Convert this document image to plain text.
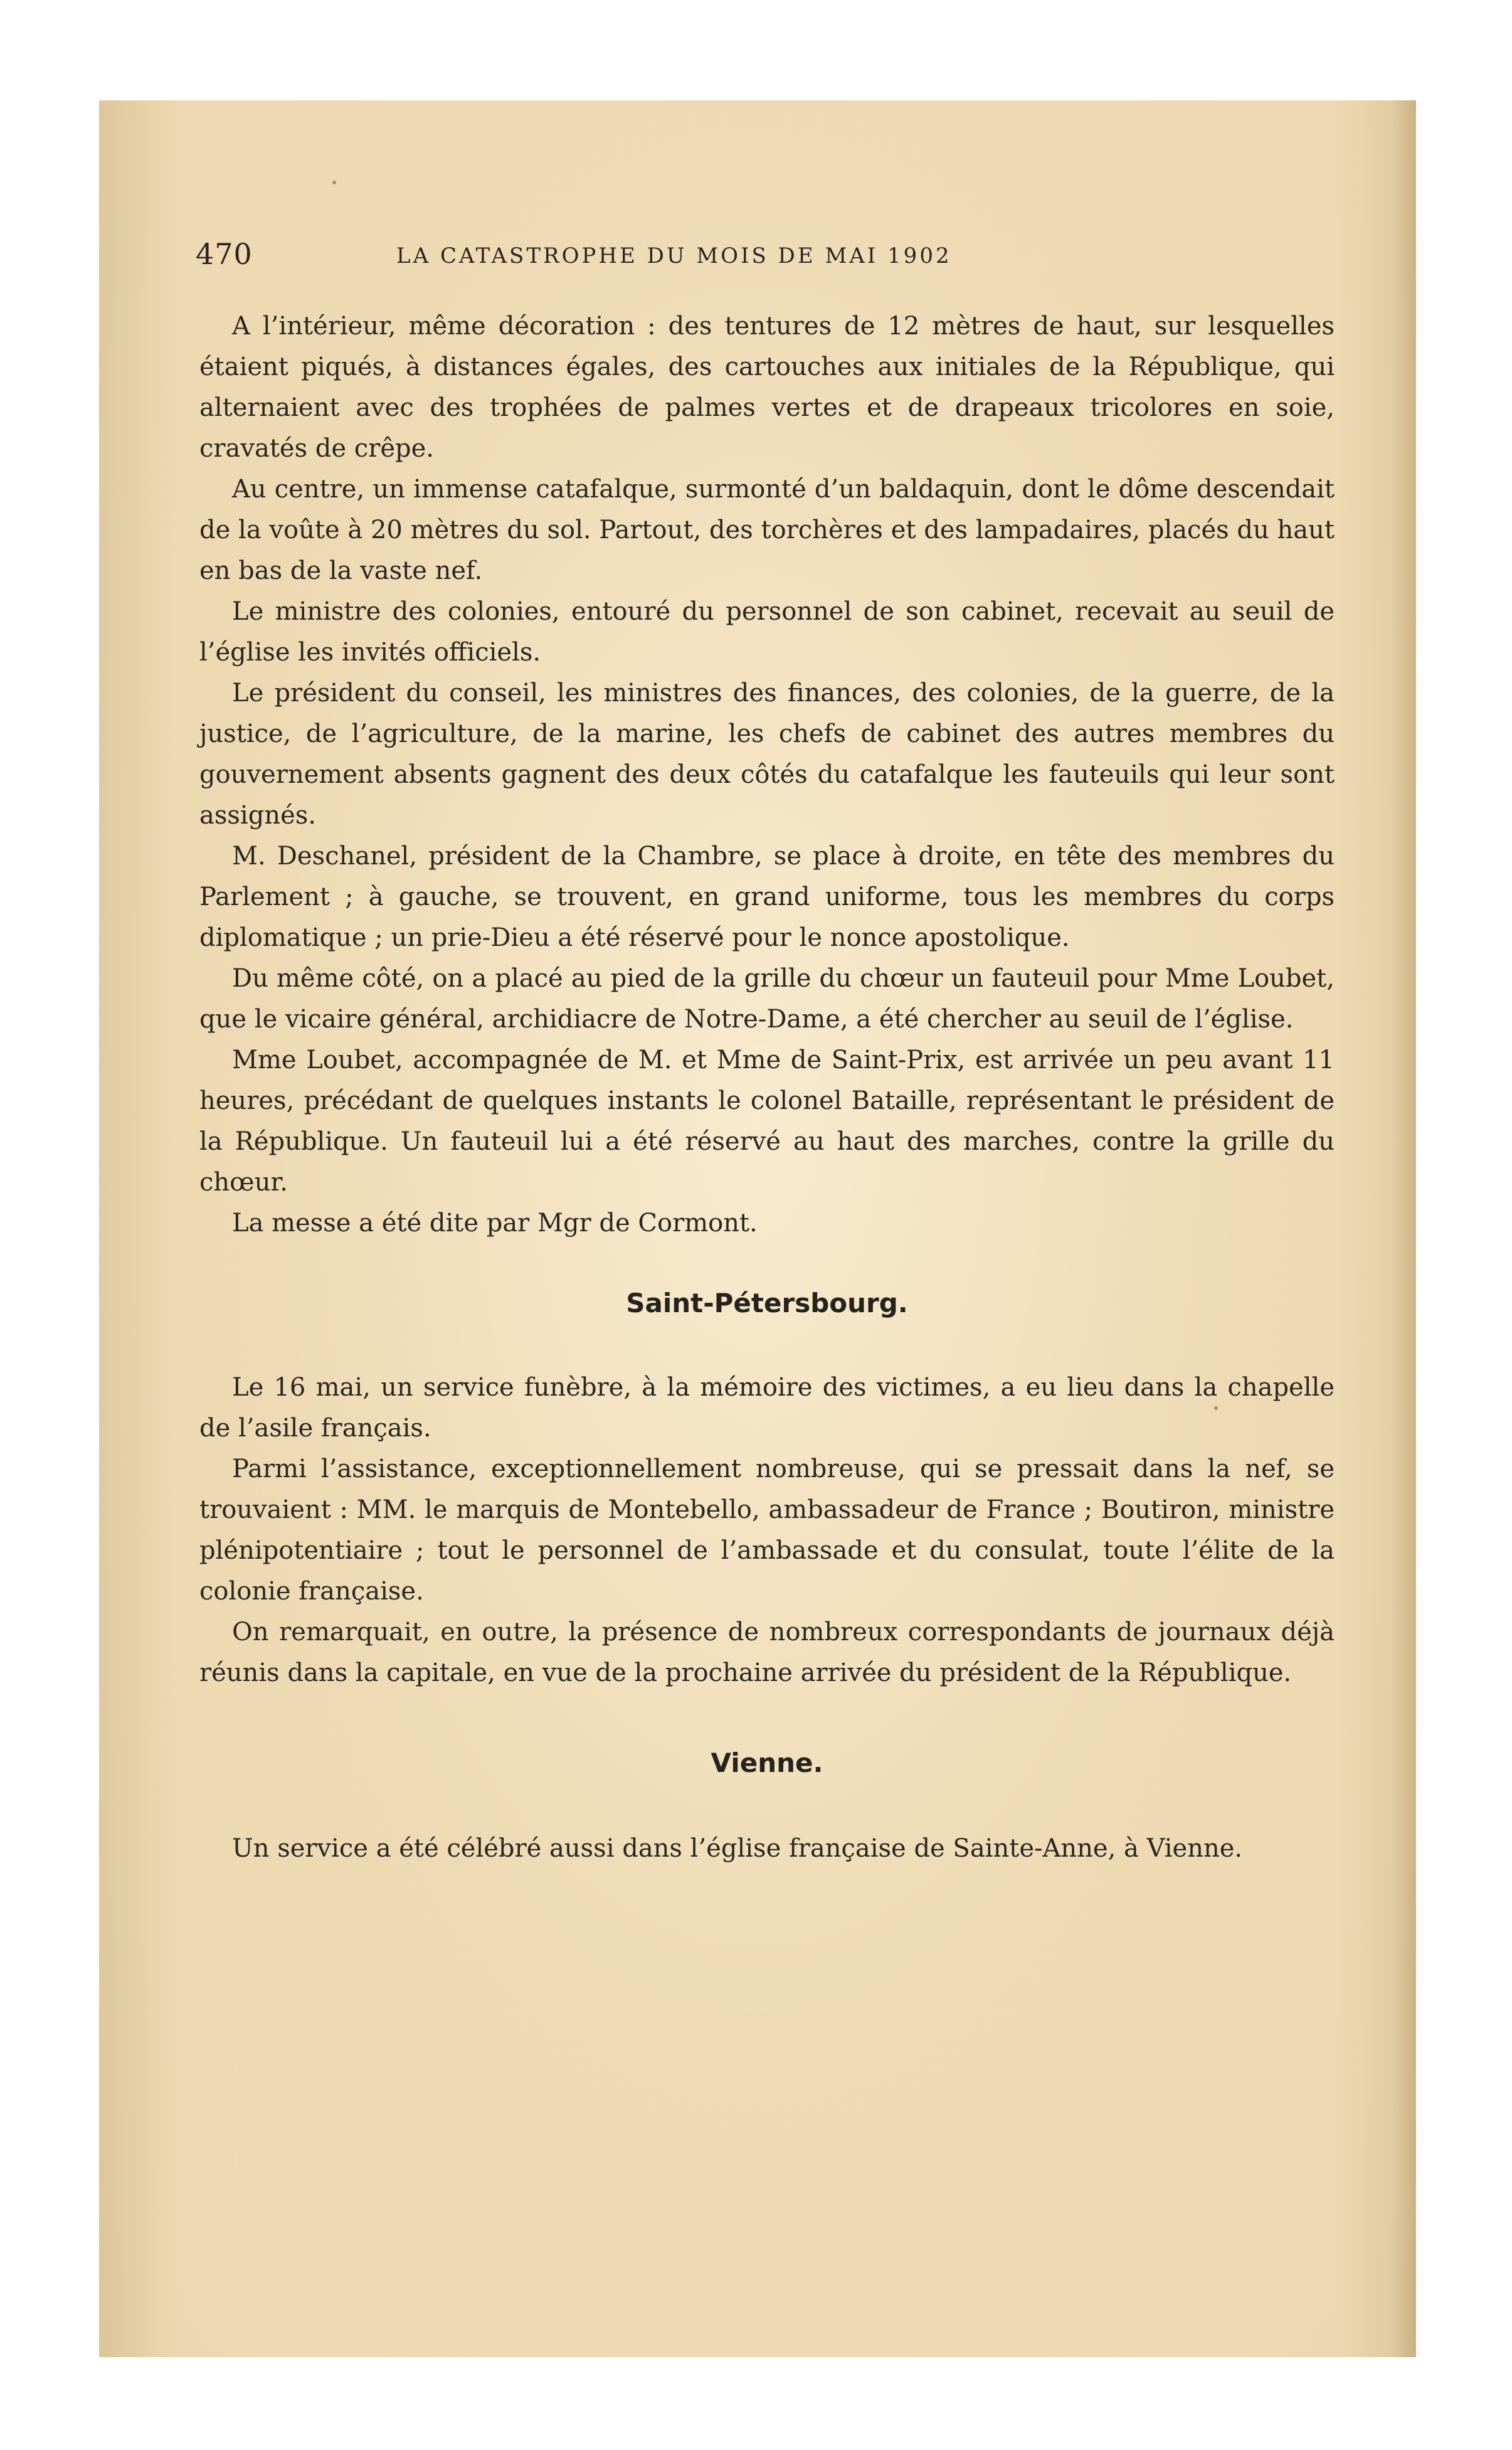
470	LA CATASTROPHE DU MOIS DE MAI 1902

A l’intérieur, même décoration : des tentures de 12 mètres de haut, sur lesquelles étaient piqués, à distances égales, des cartouches aux initiales de la République, qui alternaient avec des trophées de palmes vertes et de drapeaux tricolores en soie, cravatés de crêpe.

Au centre, un immense catafalque, surmonté d’un baldaquin, dont le dôme descendait de la voûte à 20 mètres du sol. Partout, des torchères et des lampadaires, placés du haut en bas de la vaste nef.

Le ministre des colonies, entouré du personnel de son cabinet, recevait au seuil de l’église les invités officiels.

Le président du conseil, les ministres des finances, des colonies, de la guerre, de la justice, de l’agriculture, de la marine, les chefs de cabinet des autres membres du gouvernement absents gagnent des deux côtés du catafalque les fauteuils qui leur sont assignés.

M. Deschanel, président de la Chambre, se place à droite, en tête des membres du Parlement ; à gauche, se trouvent, en grand uniforme, tous les membres du corps diplomatique ; un prie-Dieu a été réservé pour le nonce apostolique.

Du même côté, on a placé au pied de la grille du chœur un fauteuil pour Mme Loubet, que le vicaire général, archidiacre de Notre-Dame, a été chercher au seuil de l’église.

Mme Loubet, accompagnée de M. et Mme de Saint-Prix, est arrivée un peu avant 11 heures, précédant de quelques instants le colonel Bataille, représentant le président de la République. Un fauteuil lui a été réservé au haut des marches, contre la grille du chœur.

La messe a été dite par Mgr de Cormont.

Saint-Pétersbourg.

Le 16 mai, un service funèbre, à la mémoire des victimes, a eu lieu dans la chapelle de l’asile français.

Parmi l’assistance, exceptionnellement nombreuse, qui se pressait dans la nef, se trouvaient : MM. le marquis de Montebello, ambassadeur de France ; Boutiron, ministre plénipotentiaire ; tout le personnel de l’ambassade et du consulat, toute l’élite de la colonie française.

On remarquait, en outre, la présence de nombreux correspondants de journaux déjà réunis dans la capitale, en vue de la prochaine arrivée du président de la République.

Vienne.

Un service a été célébré aussi dans l’église française de Sainte-Anne, à Vienne.
